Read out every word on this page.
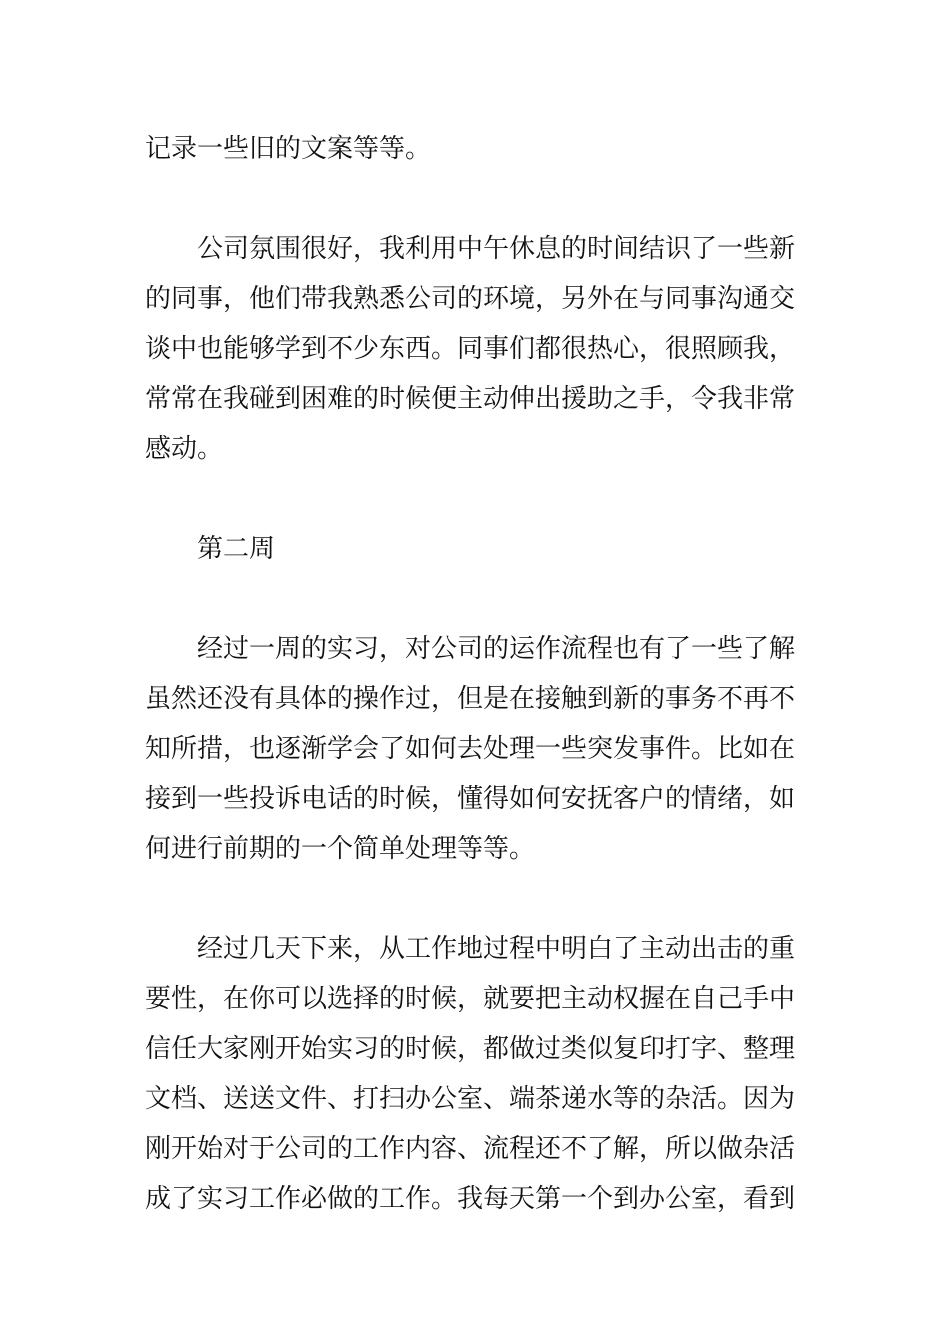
记录一些旧的文案等等。
公司氛围很好，我利用中午休息的时间结识了一些新
的同事，他们带我熟悉公司的环境，另外在与同事沟通交
谈中也能够学到不少东西。同事们都很热心，很照顾我，
常常在我碰到困难的时候便主动伸出援助之手，令我非常
感动。
第二周
经过一周的实习，对公司的运作流程也有了一些了解
虽然还没有具体的操作过，但是在接触到新的事务不再不
知所措，也逐渐学会了如何去处理一些突发事件。比如在
接到一些投诉电话的时候，懂得如何安抚客户的情绪，如
何进行前期的一个简单处理等等。
经过几天下来，从工作地过程中明白了主动出击的重
要性，在你可以选择的时候，就要把主动权握在自己手中
信任大家刚开始实习的时候，都做过类似复印打字、整理
文档、送送文件、打扫办公室、端茶递水等的杂活。因为
刚开始对于公司的工作内容、流程还不了解，所以做杂活
成了实习工作必做的工作。我每天第一个到办公室，看到
